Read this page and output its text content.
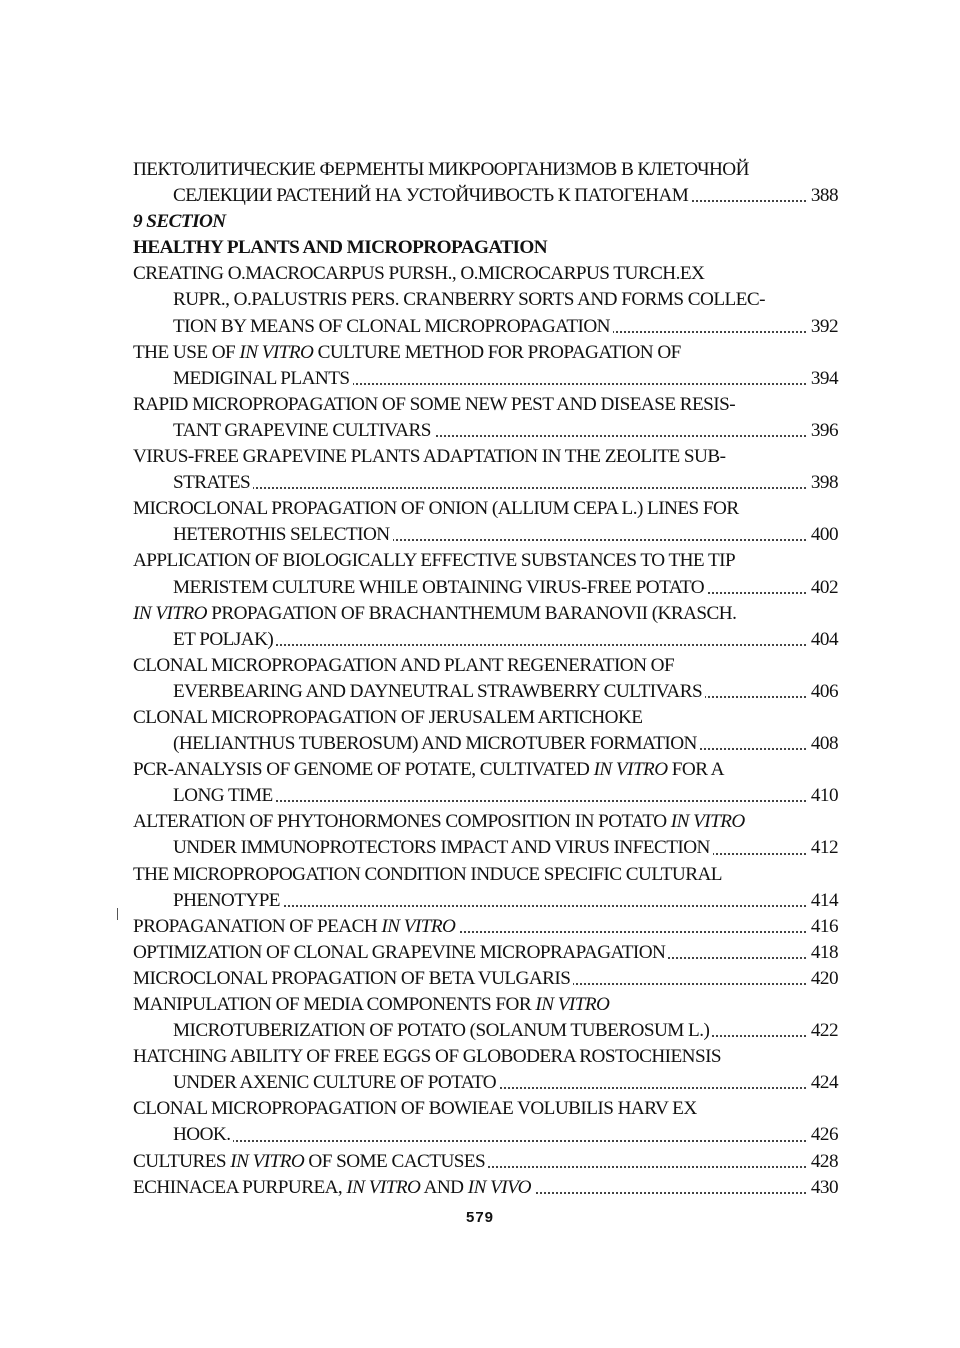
ПЕКТОЛИТИЧЕСКИЕ ФЕРМЕНТЫ МИКРООРГАНИЗМОВ В КЛЕТОЧНОЙ
СЕЛЕКЦИИ РАСТЕНИЙ НА УСТОЙЧИВОСТЬ К ПАТОГЕНАМ	388
9 SECTION
HEALTHY PLANTS AND MICROPROPAGATION
CREATING O.MACROCARPUS PURSH., O.MICROCARPUS TURCH.EX
RUPR., O.PALUSTRIS PERS. CRANBERRY SORTS AND FORMS COLLEC-
TION BY MEANS OF CLONAL MICROPROPAGATION	392
THE USE OF IN VITRO CULTURE METHOD FOR PROPAGATION OF
MEDIGINAL PLANTS	394
RAPID MICROPROPAGATION OF SOME NEW PEST AND DISEASE RESIS-
TANT GRAPEVINE CULTIVARS	396
VIRUS-FREE GRAPEVINE PLANTS ADAPTATION IN THE ZEOLITE SUB-
STRATES	398
MICROCLONAL PROPAGATION OF ONION (ALLIUM CEPA L.) LINES FOR
HETEROTHIS SELECTION	400
APPLICATION OF BIOLOGICALLY EFFECTIVE SUBSTANCES TO THE TIP
MERISTEM CULTURE WHILE OBTAINING VIRUS-FREE POTATO	402
IN VITRO PROPAGATION OF BRACHANTHEMUM BARANOVII (KRASCH.
ET POLJAK)	404
CLONAL MICROPROPAGATION AND PLANT REGENERATION OF
EVERBEARING AND DAYNEUTRAL STRAWBERRY CULTIVARS	406
CLONAL MICROPROPAGATION OF JERUSALEM ARTICHOKE
(HELIANTHUS TUBEROSUM) AND MICROTUBER FORMATION	408
PCR-ANALYSIS OF GENOME OF POTATE, CULTIVATED IN VITRO FOR A
LONG TIME	410
ALTERATION OF PHYTOHORMONES COMPOSITION IN POTATO IN VITRO
UNDER IMMUNOPROTECTORS IMPACT AND VIRUS INFECTION	412
THE MICROPROPOGATION CONDITION INDUCE SPECIFIC CULTURAL
PHENOTYPE	414
PROPAGANATION OF PEACH IN VITRO	416
OPTIMIZATION OF CLONAL GRAPEVINE MICROPRAPAGATION	418
MICROCLONAL PROPAGATION OF BETA VULGARIS	420
MANIPULATION OF MEDIA COMPONENTS FOR IN VITRO
MICROTUBERIZATION OF POTATO (SOLANUM TUBEROSUM L.)	422
HATCHING ABILITY OF FREE EGGS OF GLOBODERA ROSTOCHIENSIS
UNDER AXENIC CULTURE OF POTATO	424
CLONAL MICROPROPAGATION OF BOWIEAE VOLUBILIS HARV EX
HOOK.	426
CULTURES IN VITRO OF SOME CACTUSES	428
ECHINACEA PURPUREA, IN VITRO AND IN VIVO	430
579
